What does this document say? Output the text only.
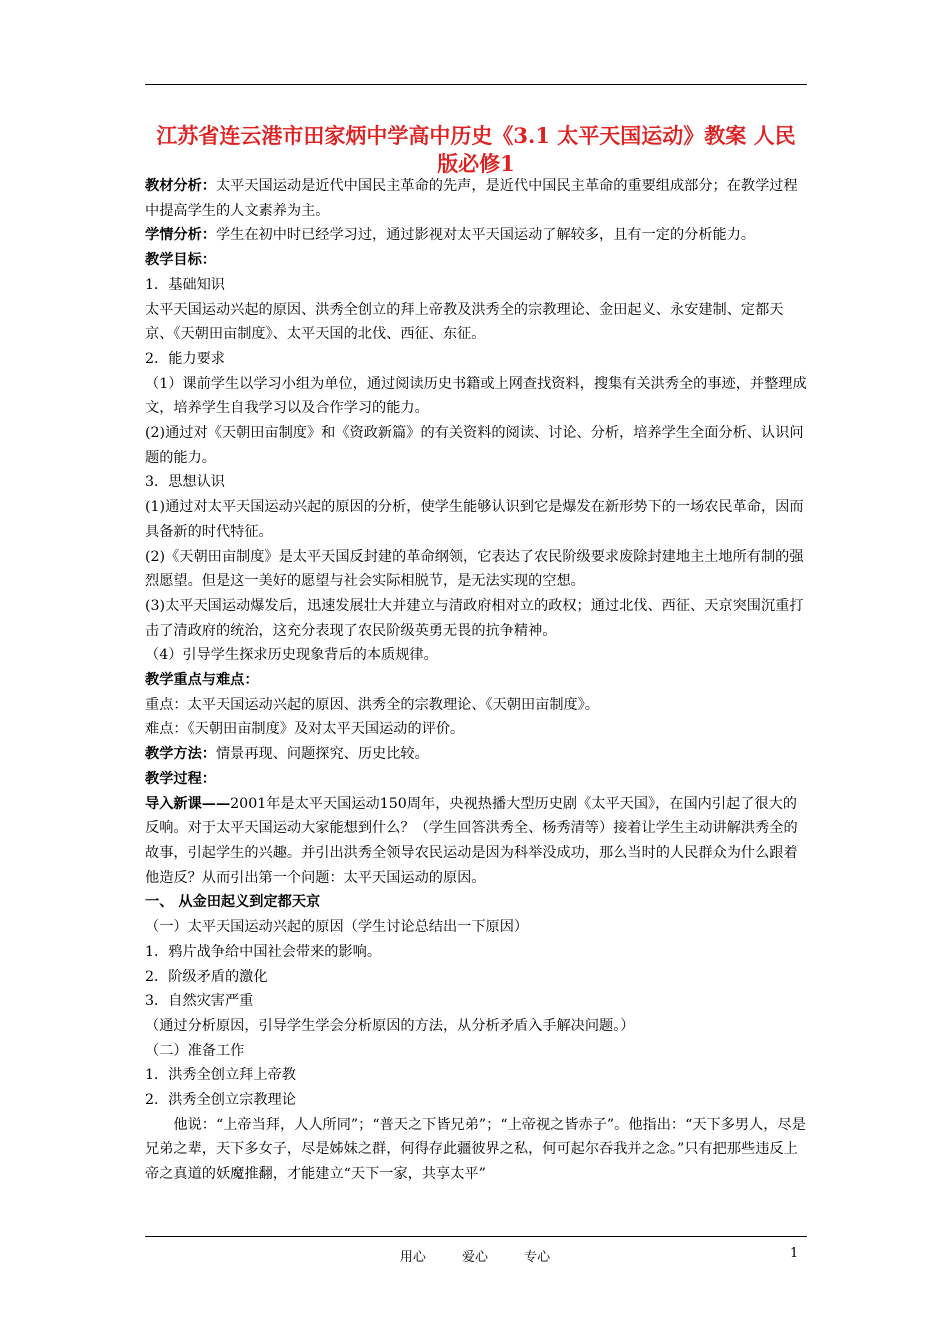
江苏省连云港市田家炳中学高中历史《3.1 太平天国运动》教案 人民
版必修1

教材分析：太平天国运动是近代中国民主革命的先声，是近代中国民主革命的重要组成部分；在教学过程中提高学生的人文素养为主。

学情分析：学生在初中时已经学习过，通过影视对太平天国运动了解较多，且有一定的分析能力。

教学目标：

1．基础知识

太平天国运动兴起的原因、洪秀全创立的拜上帝教及洪秀全的宗教理论、金田起义、永安建制、定都天京、《天朝田亩制度》、太平天国的北伐、西征、东征。

2．能力要求

（1）课前学生以学习小组为单位，通过阅读历史书籍或上网查找资料，搜集有关洪秀全的事迹，并整理成文，培养学生自我学习以及合作学习的能力。

(2)通过对《天朝田亩制度》和《资政新篇》的有关资料的阅读、讨论、分析，培养学生全面分析、认识问题的能力。

3．思想认识

(1)通过对太平天国运动兴起的原因的分析，使学生能够认识到它是爆发在新形势下的一场农民革命，因而具备新的时代特征。

(2)《天朝田亩制度》是太平天国反封建的革命纲领，它表达了农民阶级要求废除封建地主土地所有制的强烈愿望。但是这一美好的愿望与社会实际相脱节，是无法实现的空想。

(3)太平天国运动爆发后，迅速发展壮大并建立与清政府相对立的政权；通过北伐、西征、天京突围沉重打击了清政府的统治，这充分表现了农民阶级英勇无畏的抗争精神。

（4）引导学生探求历史现象背后的本质规律。

教学重点与难点：

重点：太平天国运动兴起的原因、洪秀全的宗教理论、《天朝田亩制度》。

难点：《天朝田亩制度》及对太平天国运动的评价。

教学方法：情景再现、问题探究、历史比较。

教学过程：

导入新课——2001年是太平天国运动150周年，央视热播大型历史剧《太平天国》，在国内引起了很大的反响。对于太平天国运动大家能想到什么？（学生回答洪秀全、杨秀清等）接着让学生主动讲解洪秀全的故事，引起学生的兴趣。并引出洪秀全领导农民运动是因为科举没成功，那么当时的人民群众为什么跟着他造反？从而引出第一个问题：太平天国运动的原因。

一、 从金田起义到定都天京

（一）太平天国运动兴起的原因（学生讨论总结出一下原因）

1．鸦片战争给中国社会带来的影响。

2．阶级矛盾的激化

3．自然灾害严重

（通过分析原因，引导学生学会分析原因的方法，从分析矛盾入手解决问题。）

（二）准备工作

1．洪秀全创立拜上帝教

2．洪秀全创立宗教理论

他说：“上帝当拜，人人所同”；“普天之下皆兄弟”；“上帝视之皆赤子”。他指出：“天下多男人，尽是兄弟之辈，天下多女子，尽是姊妹之群，何得存此疆彼界之私，何可起尔吞我并之念。”只有把那些违反上帝之真道的妖魔推翻，才能建立“天下一家，共享太平”

用心	爱心	专心	1
